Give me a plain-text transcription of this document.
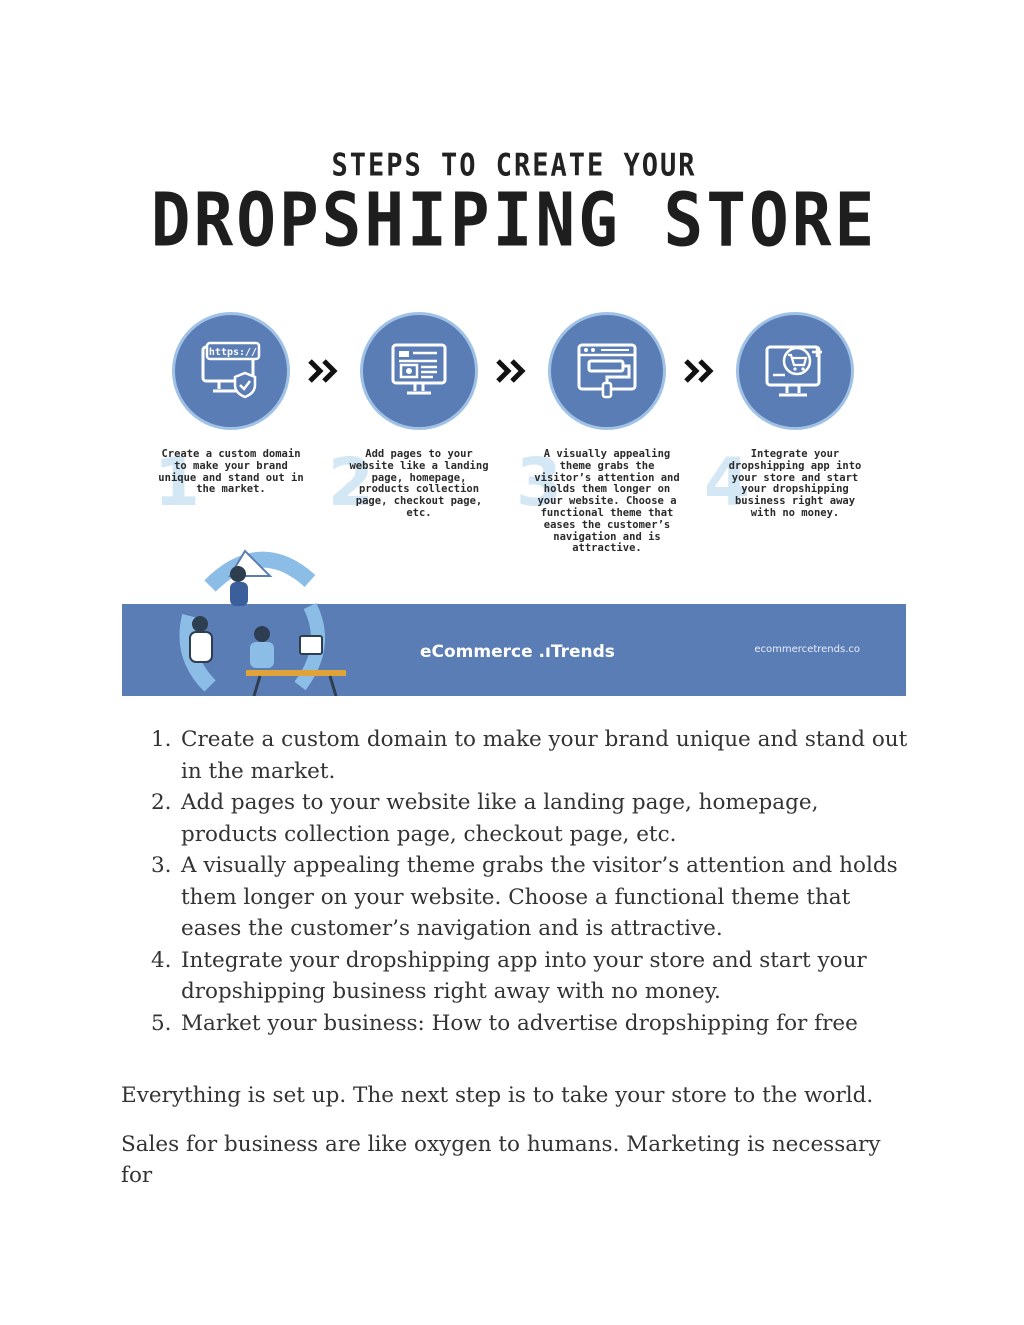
STEPS TO CREATE YOUR
DROPSHIPING STORE
https://
1
Create a custom domain to make your brand unique and stand out in the market. 2
Add pages to your website like a landing page, homepage, products collection page, checkout page, etc.	3
A visually appealing theme grabs the visitor’s attention and holds them longer on your website. Choose a functional theme that eases the customer’s navigation and is attractive.
4 Integrate your dropshipping app into your store and start your dropshipping business right away with no money.
eCommerce .ıTrends	ecommercetrends.co
1. Create a custom domain to make your brand unique and stand out in the market.
2. Add pages to your website like a landing page, homepage, products collection page, checkout page, etc.
3. A visually appealing theme grabs the visitor’s attention and holds them longer on your website. Choose a functional theme that eases the customer’s navigation and is attractive.
4. Integrate your dropshipping app into your store and start your dropshipping business right away with no money.
5. Market your business: How to advertise dropshipping for free

Everything is set up. The next step is to take your store to the world.

Sales for business are like oxygen to humans. Marketing is necessary for
